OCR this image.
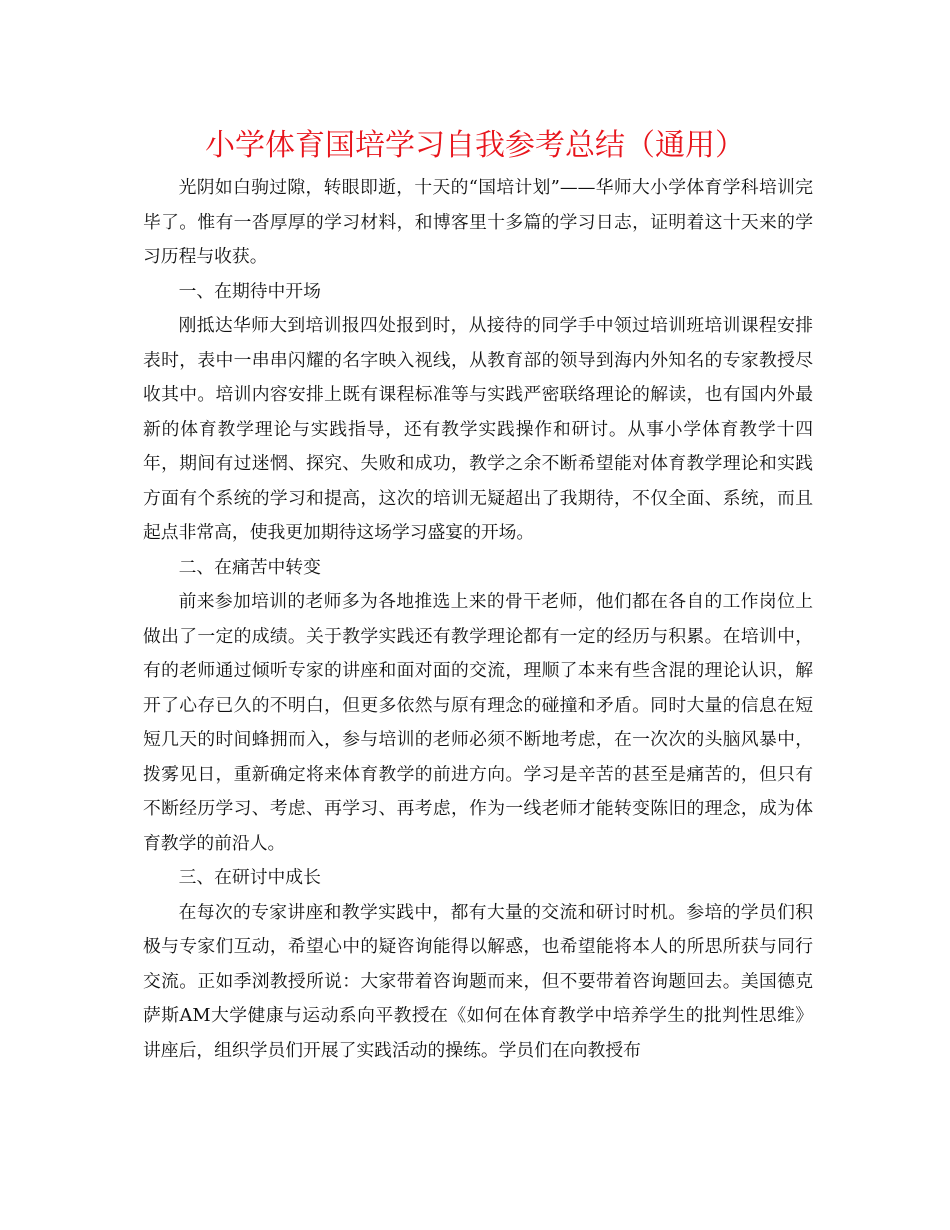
小学体育国培学习自我参考总结（通用）

光阴如白驹过隙，转眼即逝，十天的“国培计划”——华师大小学体育学科培训完毕了。惟有一沓厚厚的学习材料，和博客里十多篇的学习日志，证明着这十天来的学习历程与收获。

一、在期待中开场

刚抵达华师大到培训报四处报到时，从接待的同学手中领过培训班培训课程安排表时，表中一串串闪耀的名字映入视线，从教育部的领导到海内外知名的专家教授尽收其中。培训内容安排上既有课程标准等与实践严密联络理论的解读，也有国内外最新的体育教学理论与实践指导，还有教学实践操作和研讨。从事小学体育教学十四年，期间有过迷惘、探究、失败和成功，教学之余不断希望能对体育教学理论和实践方面有个系统的学习和提高，这次的培训无疑超出了我期待，不仅全面、系统，而且起点非常高，使我更加期待这场学习盛宴的开场。

二、在痛苦中转变

前来参加培训的老师多为各地推选上来的骨干老师，他们都在各自的工作岗位上做出了一定的成绩。关于教学实践还有教学理论都有一定的经历与积累。在培训中，有的老师通过倾听专家的讲座和面对面的交流，理顺了本来有些含混的理论认识，解开了心存已久的不明白，但更多依然与原有理念的碰撞和矛盾。同时大量的信息在短短几天的时间蜂拥而入，参与培训的老师必须不断地考虑，在一次次的头脑风暴中，拨雾见日，重新确定将来体育教学的前进方向。学习是辛苦的甚至是痛苦的，但只有不断经历学习、考虑、再学习、再考虑，作为一线老师才能转变陈旧的理念，成为体育教学的前沿人。

三、在研讨中成长

在每次的专家讲座和教学实践中，都有大量的交流和研讨时机。参培的学员们积极与专家们互动，希望心中的疑咨询能得以解惑，也希望能将本人的所思所获与同行交流。正如季浏教授所说：大家带着咨询题而来，但不要带着咨询题回去。美国德克萨斯AM大学健康与运动系向平教授在《如何在体育教学中培养学生的批判性思维》讲座后，组织学员们开展了实践活动的操练。学员们在向教授布
